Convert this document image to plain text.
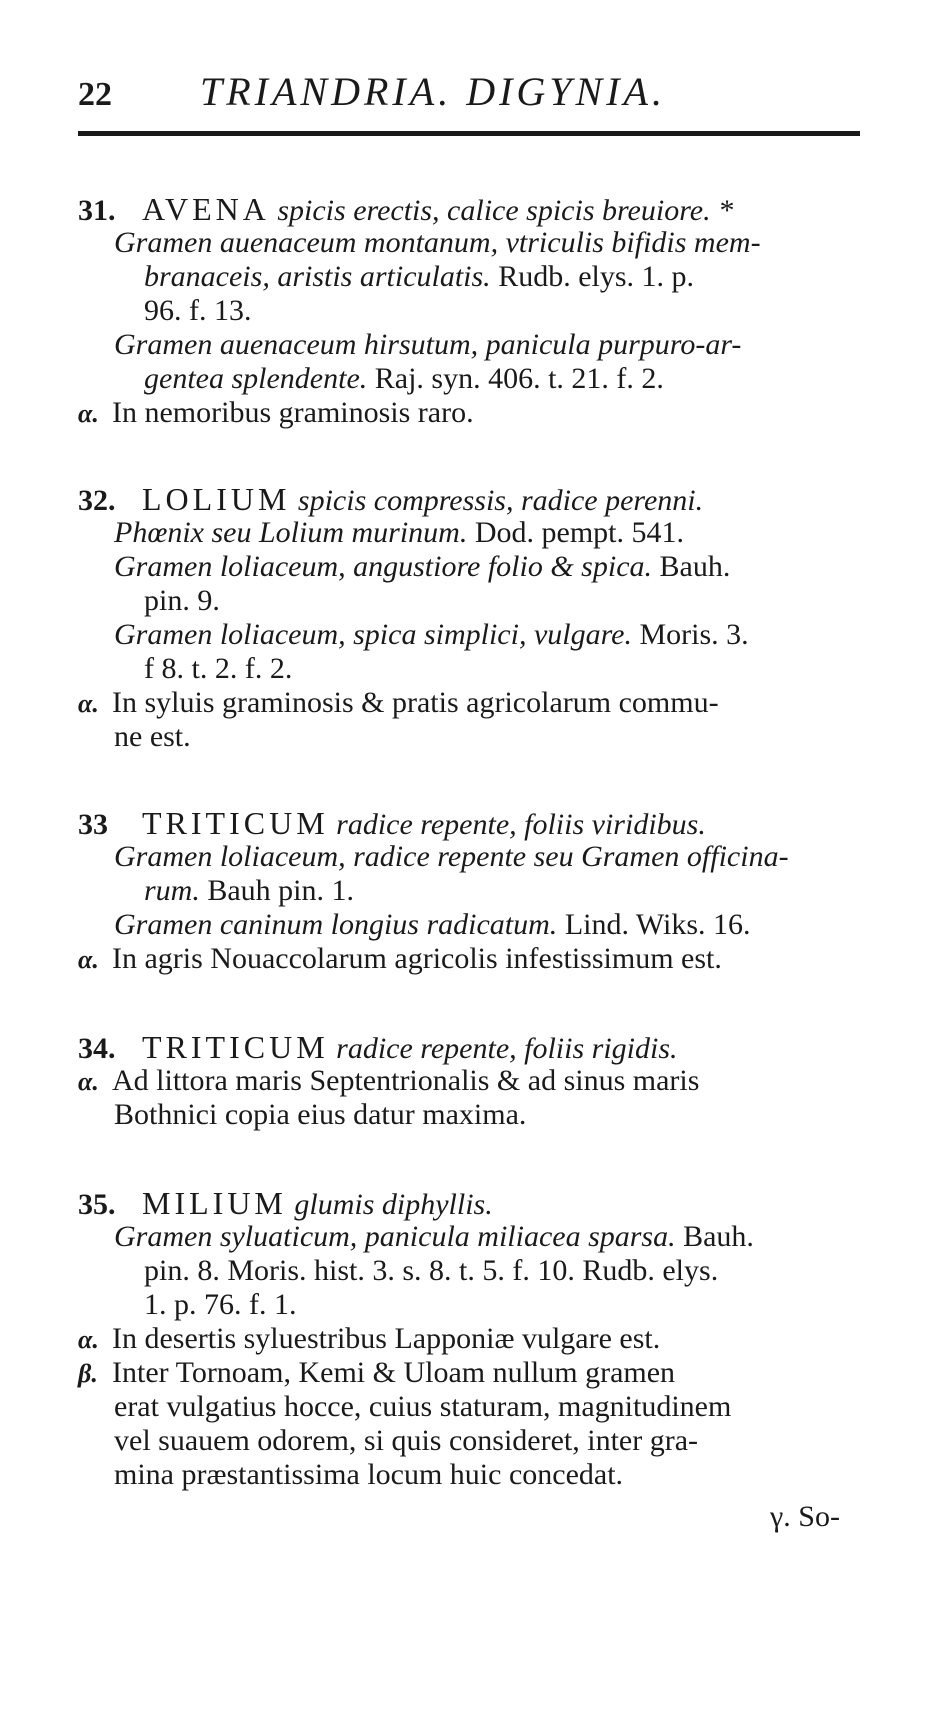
22 TRIANDRIA. DIGYNIA.
31. AVENA spicis erectis, calice spicis breuiore. *
Gramen auenaceum montanum, vtriculis bifidis mem-
branaceis, aristis articulatis. Rudb. elys. 1. p.
96. f. 13.
Gramen auenaceum hirsutum, panicula purpuro-ar-
gentea splendente. Raj. syn. 406. t. 21. f. 2.
α. In nemoribus graminosis raro.
32. LOLIUM spicis compressis, radice perenni.
Phœnix seu Lolium murinum. Dod. pempt. 541.
Gramen loliaceum, angustiore folio & spica. Bauh.
pin. 9.
Gramen loliaceum, spica simplici, vulgare. Moris. 3.
f 8. t. 2. f. 2.
α. In syluis graminosis & pratis agricolarum commu-
ne est.
33 TRITICUM radice repente, foliis viridibus.
Gramen loliaceum, radice repente seu Gramen officina-
rum. Bauh pin. 1.
Gramen caninum longius radicatum. Lind. Wiks. 16.
α. In agris Nouaccolarum agricolis infestissimum est.
34. TRITICUM radice repente, foliis rigidis.
α. Ad littora maris Septentrionalis & ad sinus maris
Bothnici copia eius datur maxima.
35. MILIUM glumis diphyllis.
Gramen syluaticum, panicula miliacea sparsa. Bauh.
pin. 8. Moris. hist. 3. s. 8. t. 5. f. 10. Rudb. elys.
1. p. 76. f. 1.
α. In desertis syluestribus Lapponiæ vulgare est.
β. Inter Tornoam, Kemi & Uloam nullum gramen
erat vulgatius hocce, cuius staturam, magnitudinem
vel suauem odorem, si quis consideret, inter gra-
mina præstantissima locum huic concedat.
γ. So-
